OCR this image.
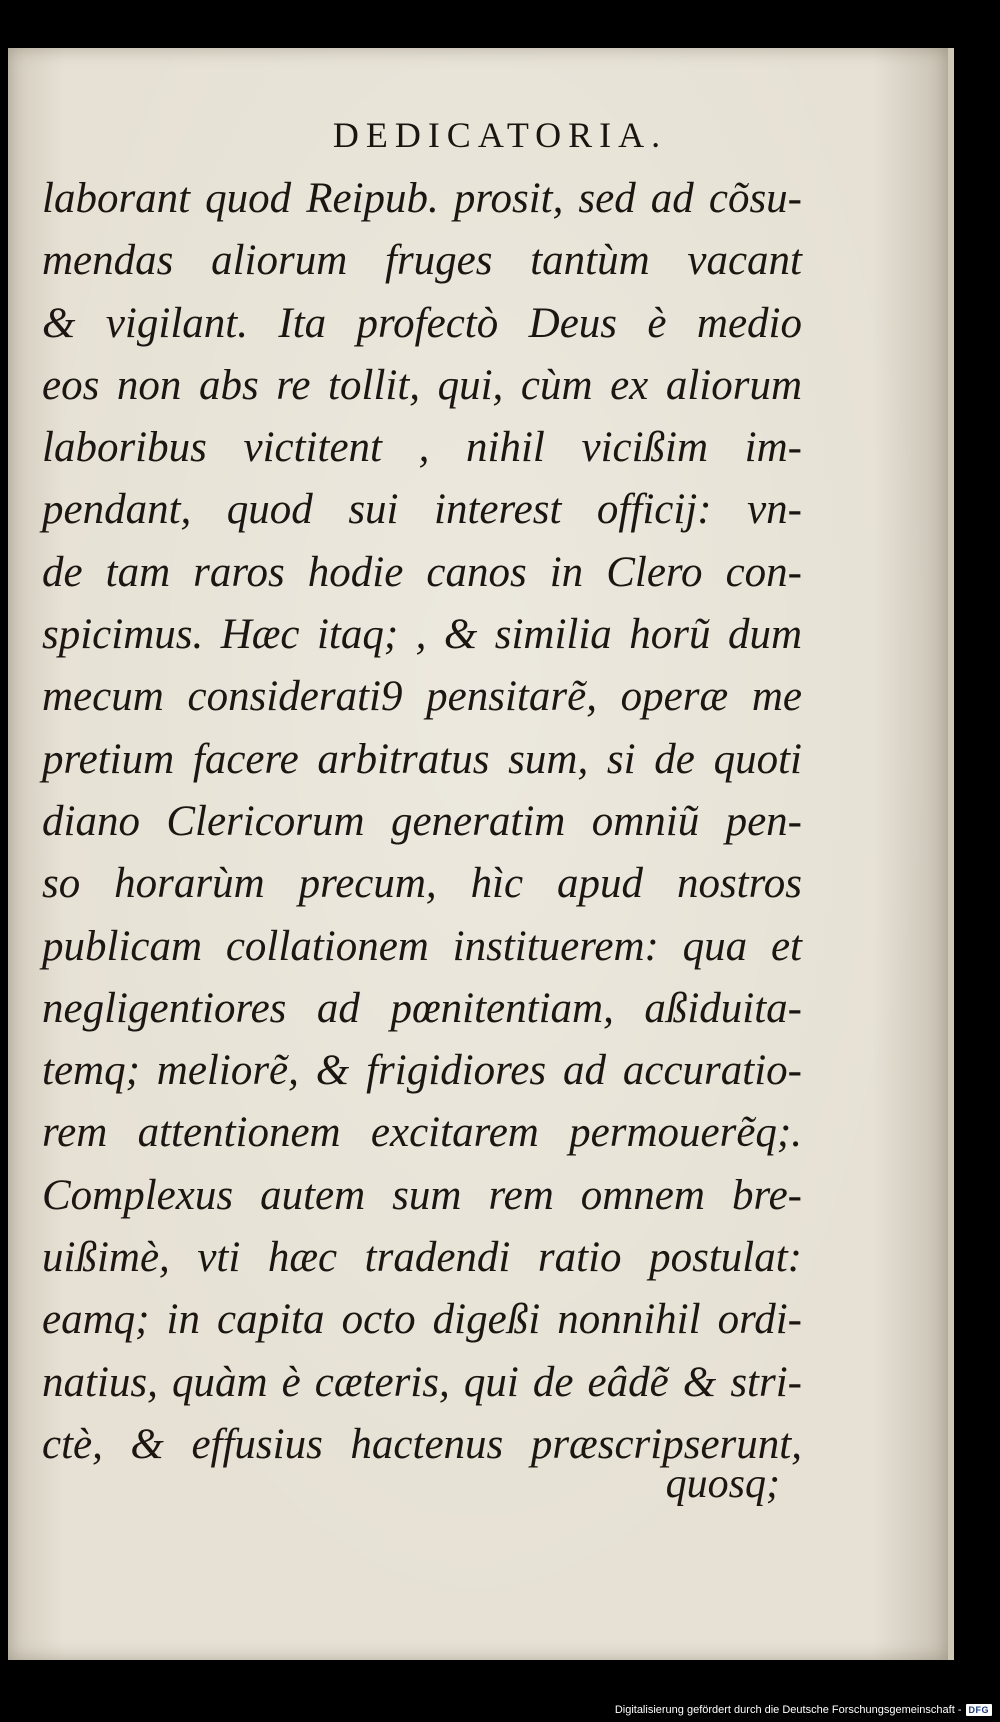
DEDICATORIA.
laborant quod Reipub. prosit, sed ad cõsu-
mendas aliorum fruges tantùm vacant
& vigilant. Ita profectò Deus è medio
eos non abs re tollit, qui, cùm ex aliorum
laboribus victitent , nihil vicißim im-
pendant, quod sui interest officij: vn-
de tam raros hodie canos in Clero con-
spicimus. Hæc itaq; , & similia horũ dum
mecum considerati9 pensitarẽ, operæ me
pretium facere arbitratus sum, si de quoti
diano Clericorum generatim omniũ pen-
so horarùm precum, hìc apud nostros
publicam collationem instituerem: qua et
negligentiores ad pœnitentiam, aßiduita-
temq; meliorẽ, & frigidiores ad accuratio-
rem attentionem excitarem permouerẽq;.
Complexus autem sum rem omnem bre-
uißimè, vti hæc tradendi ratio postulat:
eamq; in capita octo digeßi nonnihil ordi-
natius, quàm è cæteris, qui de eâdẽ & stri-
ctè, & effusius hactenus præscripserunt,
quosq;
Digitalisierung gefördert durch die Deutsche Forschungsgemeinschaft - DFG
